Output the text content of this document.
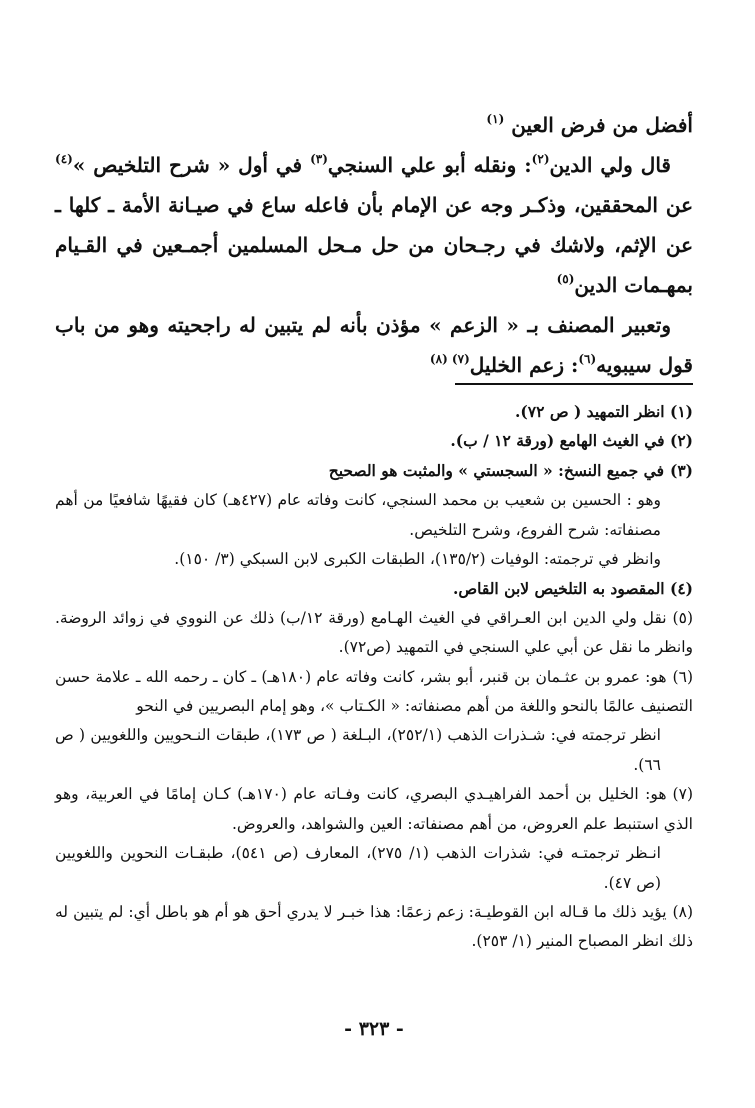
أفضل من فرض العين $^{(١)}$

قال ولي الدين$^{(٢)}$: ونقله أبو علي السنجي$^{(٣)}$ في أول « شرح التلخيص »$^{(٤)}$ عن المحققين، وذكـر وجه عن الإمام بأن فاعله ساع في صيـانة الأمة ـ كلها ـ عن الإثم، ولاشك في رجـحان من حل مـحل المسلمين أجمـعين في القـيام بمهـمات الدين$^{(٥)}$

وتعبير المصنف بـ « الزعم » مؤذن بأنه لم يتبين له راجحيته وهو من باب قول سيبويه$^{(٦)}$: زعم الخليل$^{(٧) (٨)}$

(١) انظر التمهيد ( ص ٧٢).

(٢) في الغيث الهامع (ورقة ١٢ / ب).

(٣)في جميع النسخ: « السجستي » والمثبت هو الصحيح
وهو : الحسين بن شعيب بن محمد السنجي، كانت وفاته عام (٤٢٧هـ) كان فقيهًا شافعيًا من أهم مصنفاته: شرح الفروع، وشرح التلخيص.
وانظر في ترجمته: الوفيات (١٣٥/٢)، الطبقات الكبرى لابن السبكي (٣/ ١٥٠).

(٤) المقصود به التلخيص لابن القاص.

(٥)نقل ولي الدين ابن العـراقي في الغيث الهـامع (ورقة ١٢/ب) ذلك عن النووي في زوائد الروضة. وانظر ما نقل عن أبي علي السنجي في التمهيد (ص٧٢).
(٦)هو: عمرو بن عثـمان بن قنبر، أبو بشر، كانت وفاته عام (١٨٠هـ) ـ كان ـ رحمه الله ـ علامة حسن التصنيف عالمًا بالنحو واللغة من أهم مصنفاته: « الكـتاب »، وهو إمام البصريين في النحو
انظر ترجمته في: شـذرات الذهب (٢٥٢/١)، البـلغة ( ص ١٧٣)، طبقات النـحويين واللغويين ( ص ٦٦).
(٧)هو: الخليل بن أحمد الفراهيـدي البصري، كانت وفـاته عام (١٧٠هـ) كـان إمامًا في العربية، وهو الذي استنبط علم العروض، من أهم مصنفاته: العين والشواهد، والعروض.
انـظر ترجمتـه في: شذرات الذهب (١/ ٢٧٥)، المعارف (ص ٥٤١)، طبقـات النحوين واللغويين (ص ٤٧).
(٨)يؤيد ذلك ما قـاله ابن القوطيـة: زعم زعمًا: هذا خبـر لا يدري أحق هو أم هو باطل أي: لم يتبين له ذلك انظر المصباح المنير (١/ ٢٥٣).
- ٣٢٣ -
